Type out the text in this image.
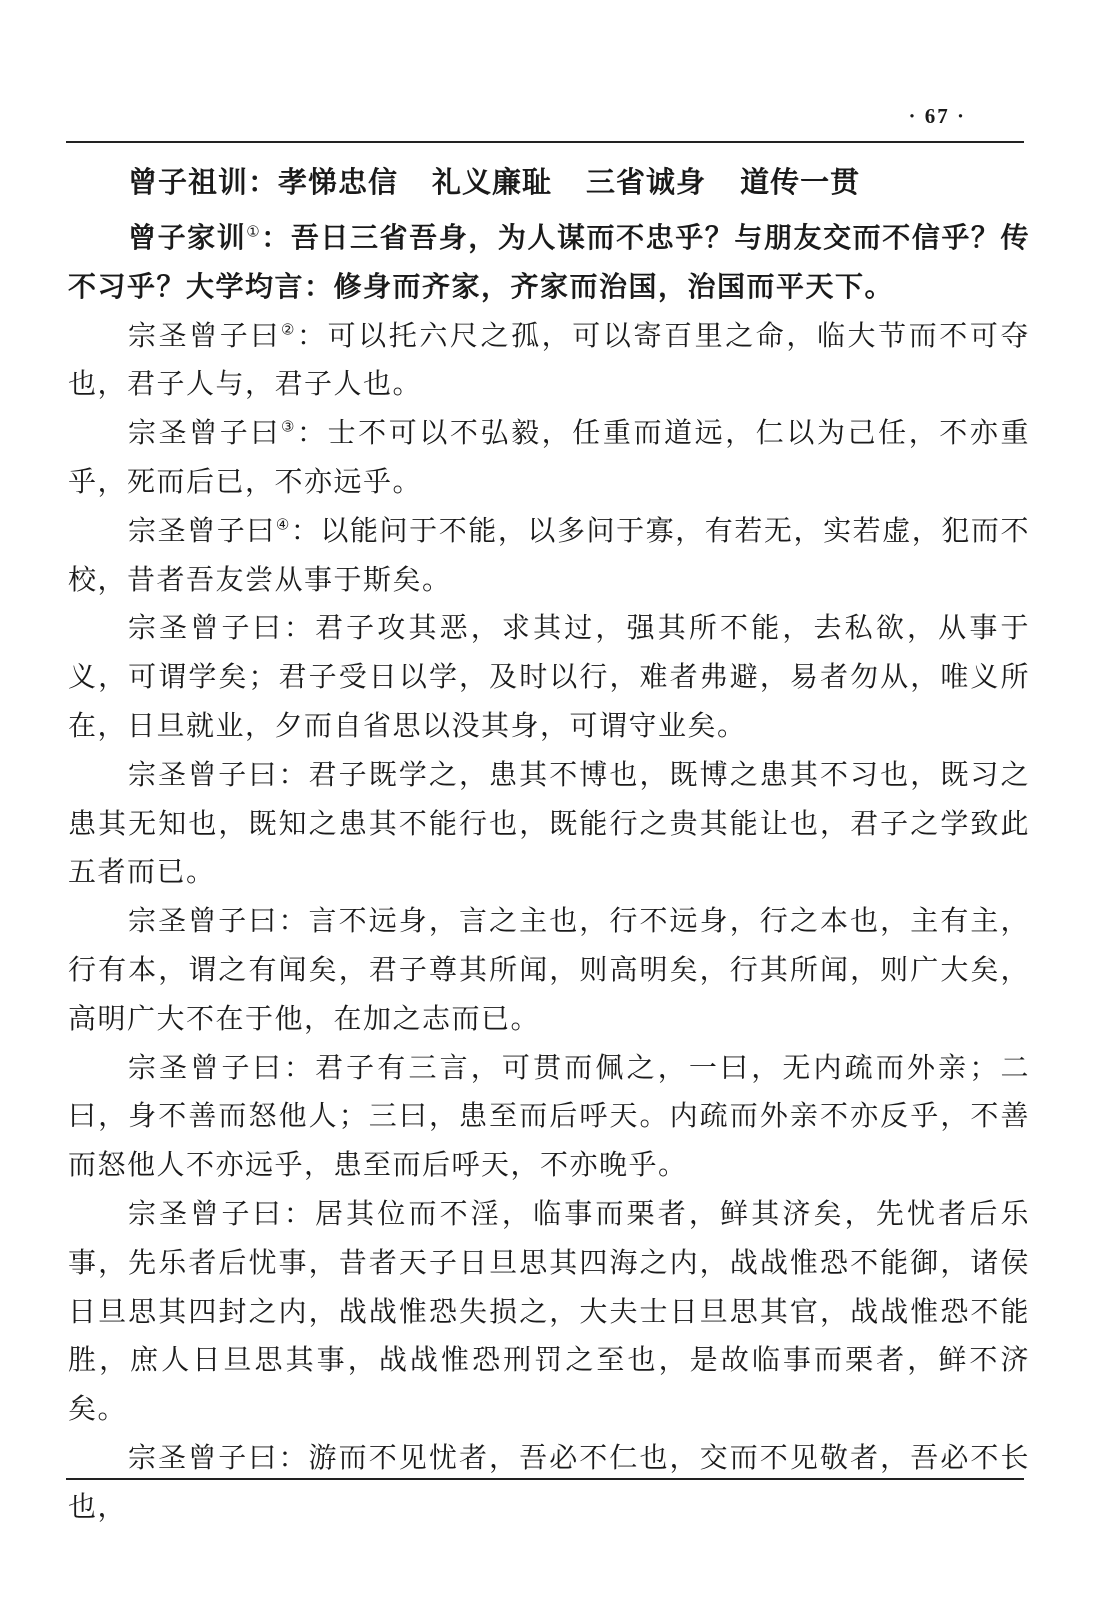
· 67 ·
曾子祖训：孝悌忠信 礼义廉耻 三省诚身 道传一贯

曾子家训①：吾日三省吾身，为人谋而不忠乎？与朋友交而不信乎？传不习乎？大学均言：修身而齐家，齐家而治国，治国而平天下。

宗圣曾子曰②：可以托六尺之孤，可以寄百里之命，临大节而不可夺也，君子人与，君子人也。

宗圣曾子曰③：士不可以不弘毅，任重而道远，仁以为己任，不亦重乎，死而后已，不亦远乎。

宗圣曾子曰④：以能问于不能，以多问于寡，有若无，实若虚，犯而不校，昔者吾友尝从事于斯矣。

宗圣曾子曰：君子攻其恶，求其过，强其所不能，去私欲，从事于义，可谓学矣；君子受日以学，及时以行，难者弗避，易者勿从，唯义所在，日旦就业，夕而自省思以没其身，可谓守业矣。

宗圣曾子曰：君子既学之，患其不博也，既博之患其不习也，既习之患其无知也，既知之患其不能行也，既能行之贵其能让也，君子之学致此五者而已。

宗圣曾子曰：言不远身，言之主也，行不远身，行之本也，主有主，行有本，谓之有闻矣，君子尊其所闻，则高明矣，行其所闻，则广大矣，高明广大不在于他，在加之志而已。

宗圣曾子曰：君子有三言，可贯而佩之，一曰，无内疏而外亲；二曰，身不善而怒他人；三曰，患至而后呼天。内疏而外亲不亦反乎，不善而怒他人不亦远乎，患至而后呼天，不亦晚乎。

宗圣曾子曰：居其位而不淫，临事而栗者，鲜其济矣，先忧者后乐事，先乐者后忧事，昔者天子日旦思其四海之内，战战惟恐不能御，诸侯日旦思其四封之内，战战惟恐失损之，大夫士日旦思其官，战战惟恐不能胜，庶人日旦思其事，战战惟恐刑罚之至也，是故临事而栗者，鲜不济矣。

宗圣曾子曰：游而不见忧者，吾必不仁也，交而不见敬者，吾必不长也，
